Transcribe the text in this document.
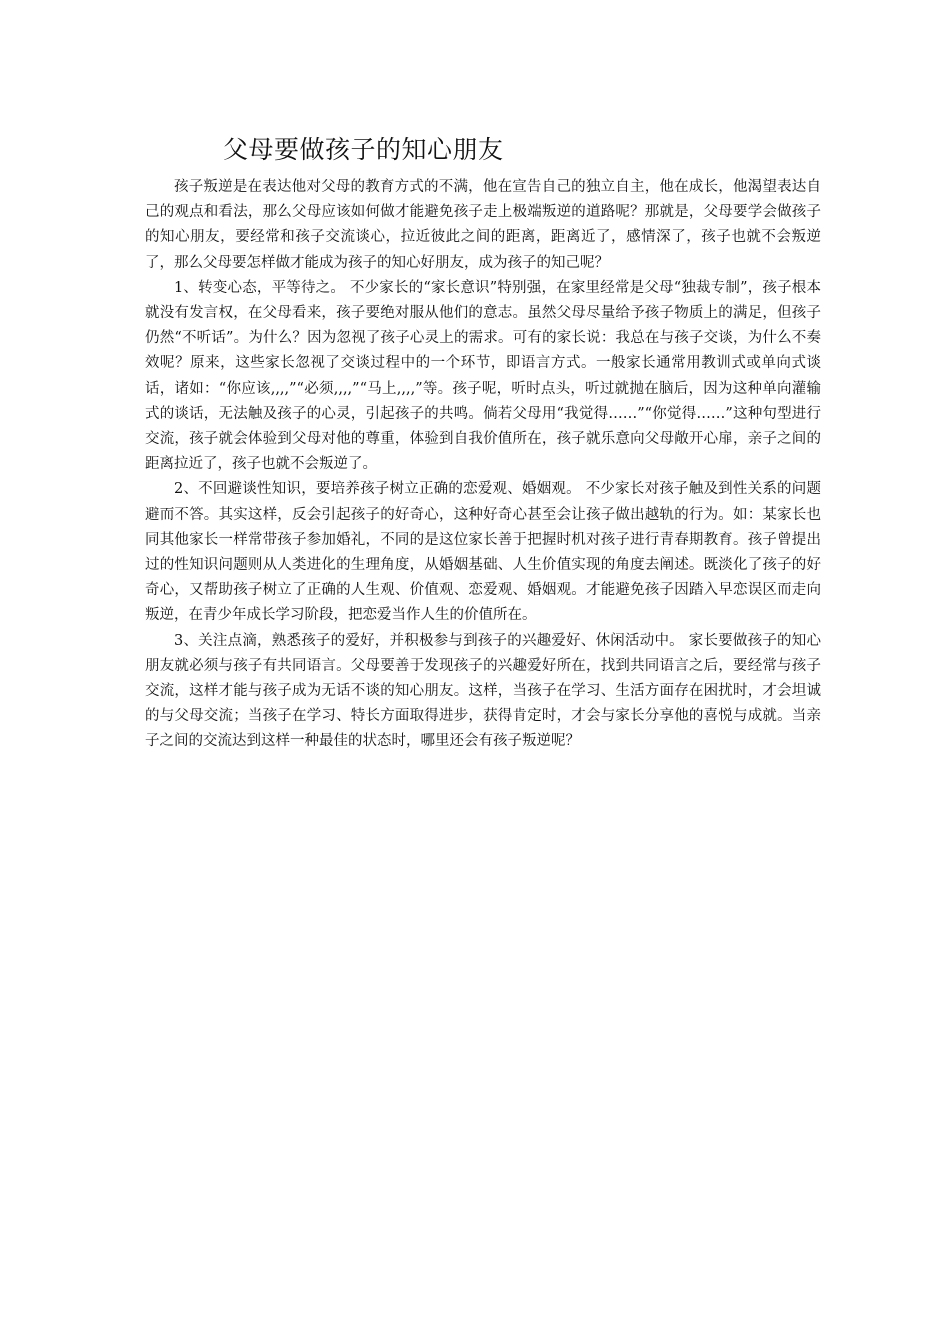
父母要做孩子的知心朋友

孩子叛逆是在表达他对父母的教育方式的不满，他在宣告自己的独立自主，他在成长，他渴望表达自己的观点和看法，那么父母应该如何做才能避免孩子走上极端叛逆的道路呢？那就是，父母要学会做孩子的知心朋友，要经常和孩子交流谈心，拉近彼此之间的距离，距离近了，感情深了，孩子也就不会叛逆了，那么父母要怎样做才能成为孩子的知心好朋友，成为孩子的知己呢？

1、转变心态，平等待之。 不少家长的“家长意识”特别强，在家里经常是父母“独裁专制”，孩子根本就没有发言权，在父母看来，孩子要绝对服从他们的意志。虽然父母尽量给予孩子物质上的满足，但孩子仍然“不听话”。为什么？因为忽视了孩子心灵上的需求。可有的家长说：我总在与孩子交谈，为什么不奏效呢？原来，这些家长忽视了交谈过程中的一个环节，即语言方式。一般家长通常用教训式或单向式谈话，诸如：“你应该,,,,”“必须,,,,”“马上,,,,”等。孩子呢，听时点头，听过就抛在脑后，因为这种单向灌输式的谈话，无法触及孩子的心灵，引起孩子的共鸣。倘若父母用“我觉得……”“你觉得……”这种句型进行交流，孩子就会体验到父母对他的尊重，体验到自我价值所在，孩子就乐意向父母敞开心扉，亲子之间的距离拉近了，孩子也就不会叛逆了。

2、不回避谈性知识，要培养孩子树立正确的恋爱观、婚姻观。 不少家长对孩子触及到性关系的问题避而不答。其实这样，反会引起孩子的好奇心，这种好奇心甚至会让孩子做出越轨的行为。如：某家长也同其他家长一样常带孩子参加婚礼，不同的是这位家长善于把握时机对孩子进行青春期教育。孩子曾提出过的性知识问题则从人类进化的生理角度，从婚姻基础、人生价值实现的角度去阐述。既淡化了孩子的好奇心，又帮助孩子树立了正确的人生观、价值观、恋爱观、婚姻观。才能避免孩子因踏入早恋误区而走向叛逆，在青少年成长学习阶段，把恋爱当作人生的价值所在。

3、关注点滴，熟悉孩子的爱好，并积极参与到孩子的兴趣爱好、休闲活动中。 家长要做孩子的知心朋友就必须与孩子有共同语言。父母要善于发现孩子的兴趣爱好所在，找到共同语言之后，要经常与孩子交流，这样才能与孩子成为无话不谈的知心朋友。这样，当孩子在学习、生活方面存在困扰时，才会坦诚的与父母交流；当孩子在学习、特长方面取得进步，获得肯定时，才会与家长分享他的喜悦与成就。当亲子之间的交流达到这样一种最佳的状态时，哪里还会有孩子叛逆呢？
